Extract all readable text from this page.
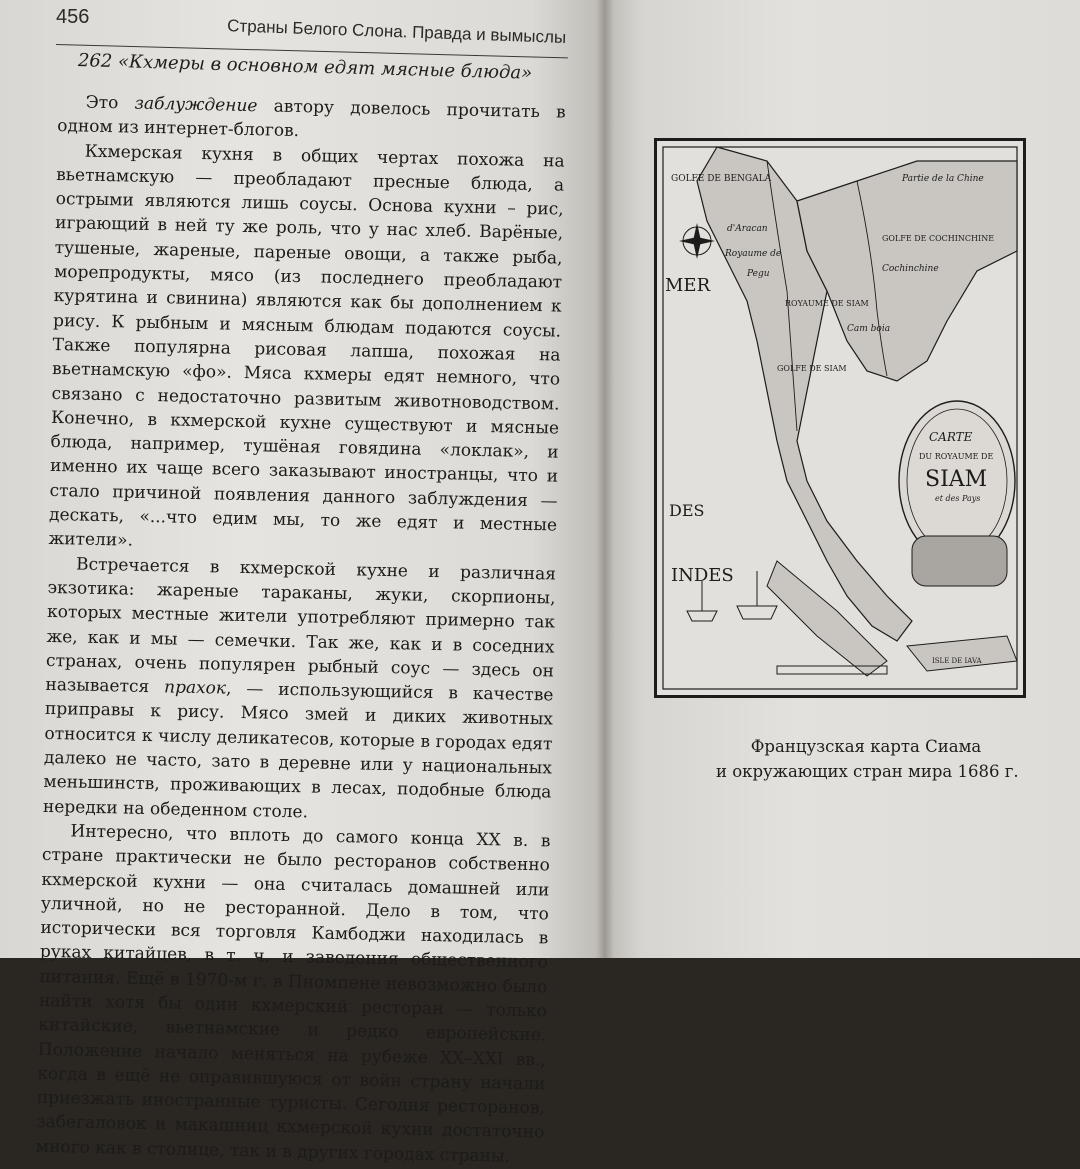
456	Страны Белого Слона. Правда и вымыслы
262 «Кхмеры в основном едят мясные блюда»

Это заблуждение автору довелось прочитать в одном из интернет-блогов.

Кхмерская кухня в общих чертах похожа на вьетнамскую — преобладают пресные блюда, а острыми являются лишь соусы. Основа кухни – рис, играющий в ней ту же роль, что у нас хлеб. Варёные, тушеные, жареные, пареные овощи, а также рыба, морепродукты, мясо (из последнего преобладают курятина и свинина) являются как бы дополнением к рису. К рыбным и мясным блюдам подаются соусы. Также популярна рисовая лапша, похожая на вьетнамскую «фо». Мяса кхмеры едят немного, что связано с недостаточно развитым животноводством. Конечно, в кхмерской кухне существуют и мясные блюда, например, тушёная говядина «локлак», и именно их чаще всего заказывают иностранцы, что и стало причиной появления данного заблуждения — дескать, «...что едим мы, то же едят и местные жители».

Встречается в кхмерской кухне и различная экзотика: жареные тараканы, жуки, скорпионы, которых местные жители употребляют примерно так же, как и мы — семечки. Так же, как и в соседних странах, очень популярен рыбный соус — здесь он называется прахок, — использующийся в качестве приправы к рису. Мясо змей и диких животных относится к числу деликатесов, которые в городах едят далеко не часто, зато в деревне или у национальных меньшинств, проживающих в лесах, подобные блюда нередки на обеденном столе.

Интересно, что вплоть до самого конца XX в. в стране практически не было ресторанов собственно кхмерской кухни — она считалась домашней или уличной, но не ресторанной. Дело в том, что исторически вся торговля Камбоджи находилась в руках китайцев, в т. ч. и заведения общественного питания. Ещё в 1970-м г. в Пномпене невозможно было найти хотя бы один кхмерский ресторан — только китайские, вьетнамские и редко европейские. Положение начало меняться на рубеже XX–XXI вв., когда в ещё не оправившуюся от войн страну начали приезжать иностранные туристы. Сегодня ресторанов, забегаловок и макашниц кхмерской кухни достаточно много как в столице, так и в других городах страны.

GOLFE DE BENGALA
d'Aracan
Royaume de
Pegu
ROYAUME DE SIAM
Partie de la Chine
GOLFE DE COCHINCHINE
Cochinchine
Cam boia
MER
GOLFE DE SIAM
DES
INDES
CARTE
DU ROYAUME DE
SIAM
et des Pays
ISLE DE IAVA
Французская карта Сиама
и окружающих стран мира 1686 г.
